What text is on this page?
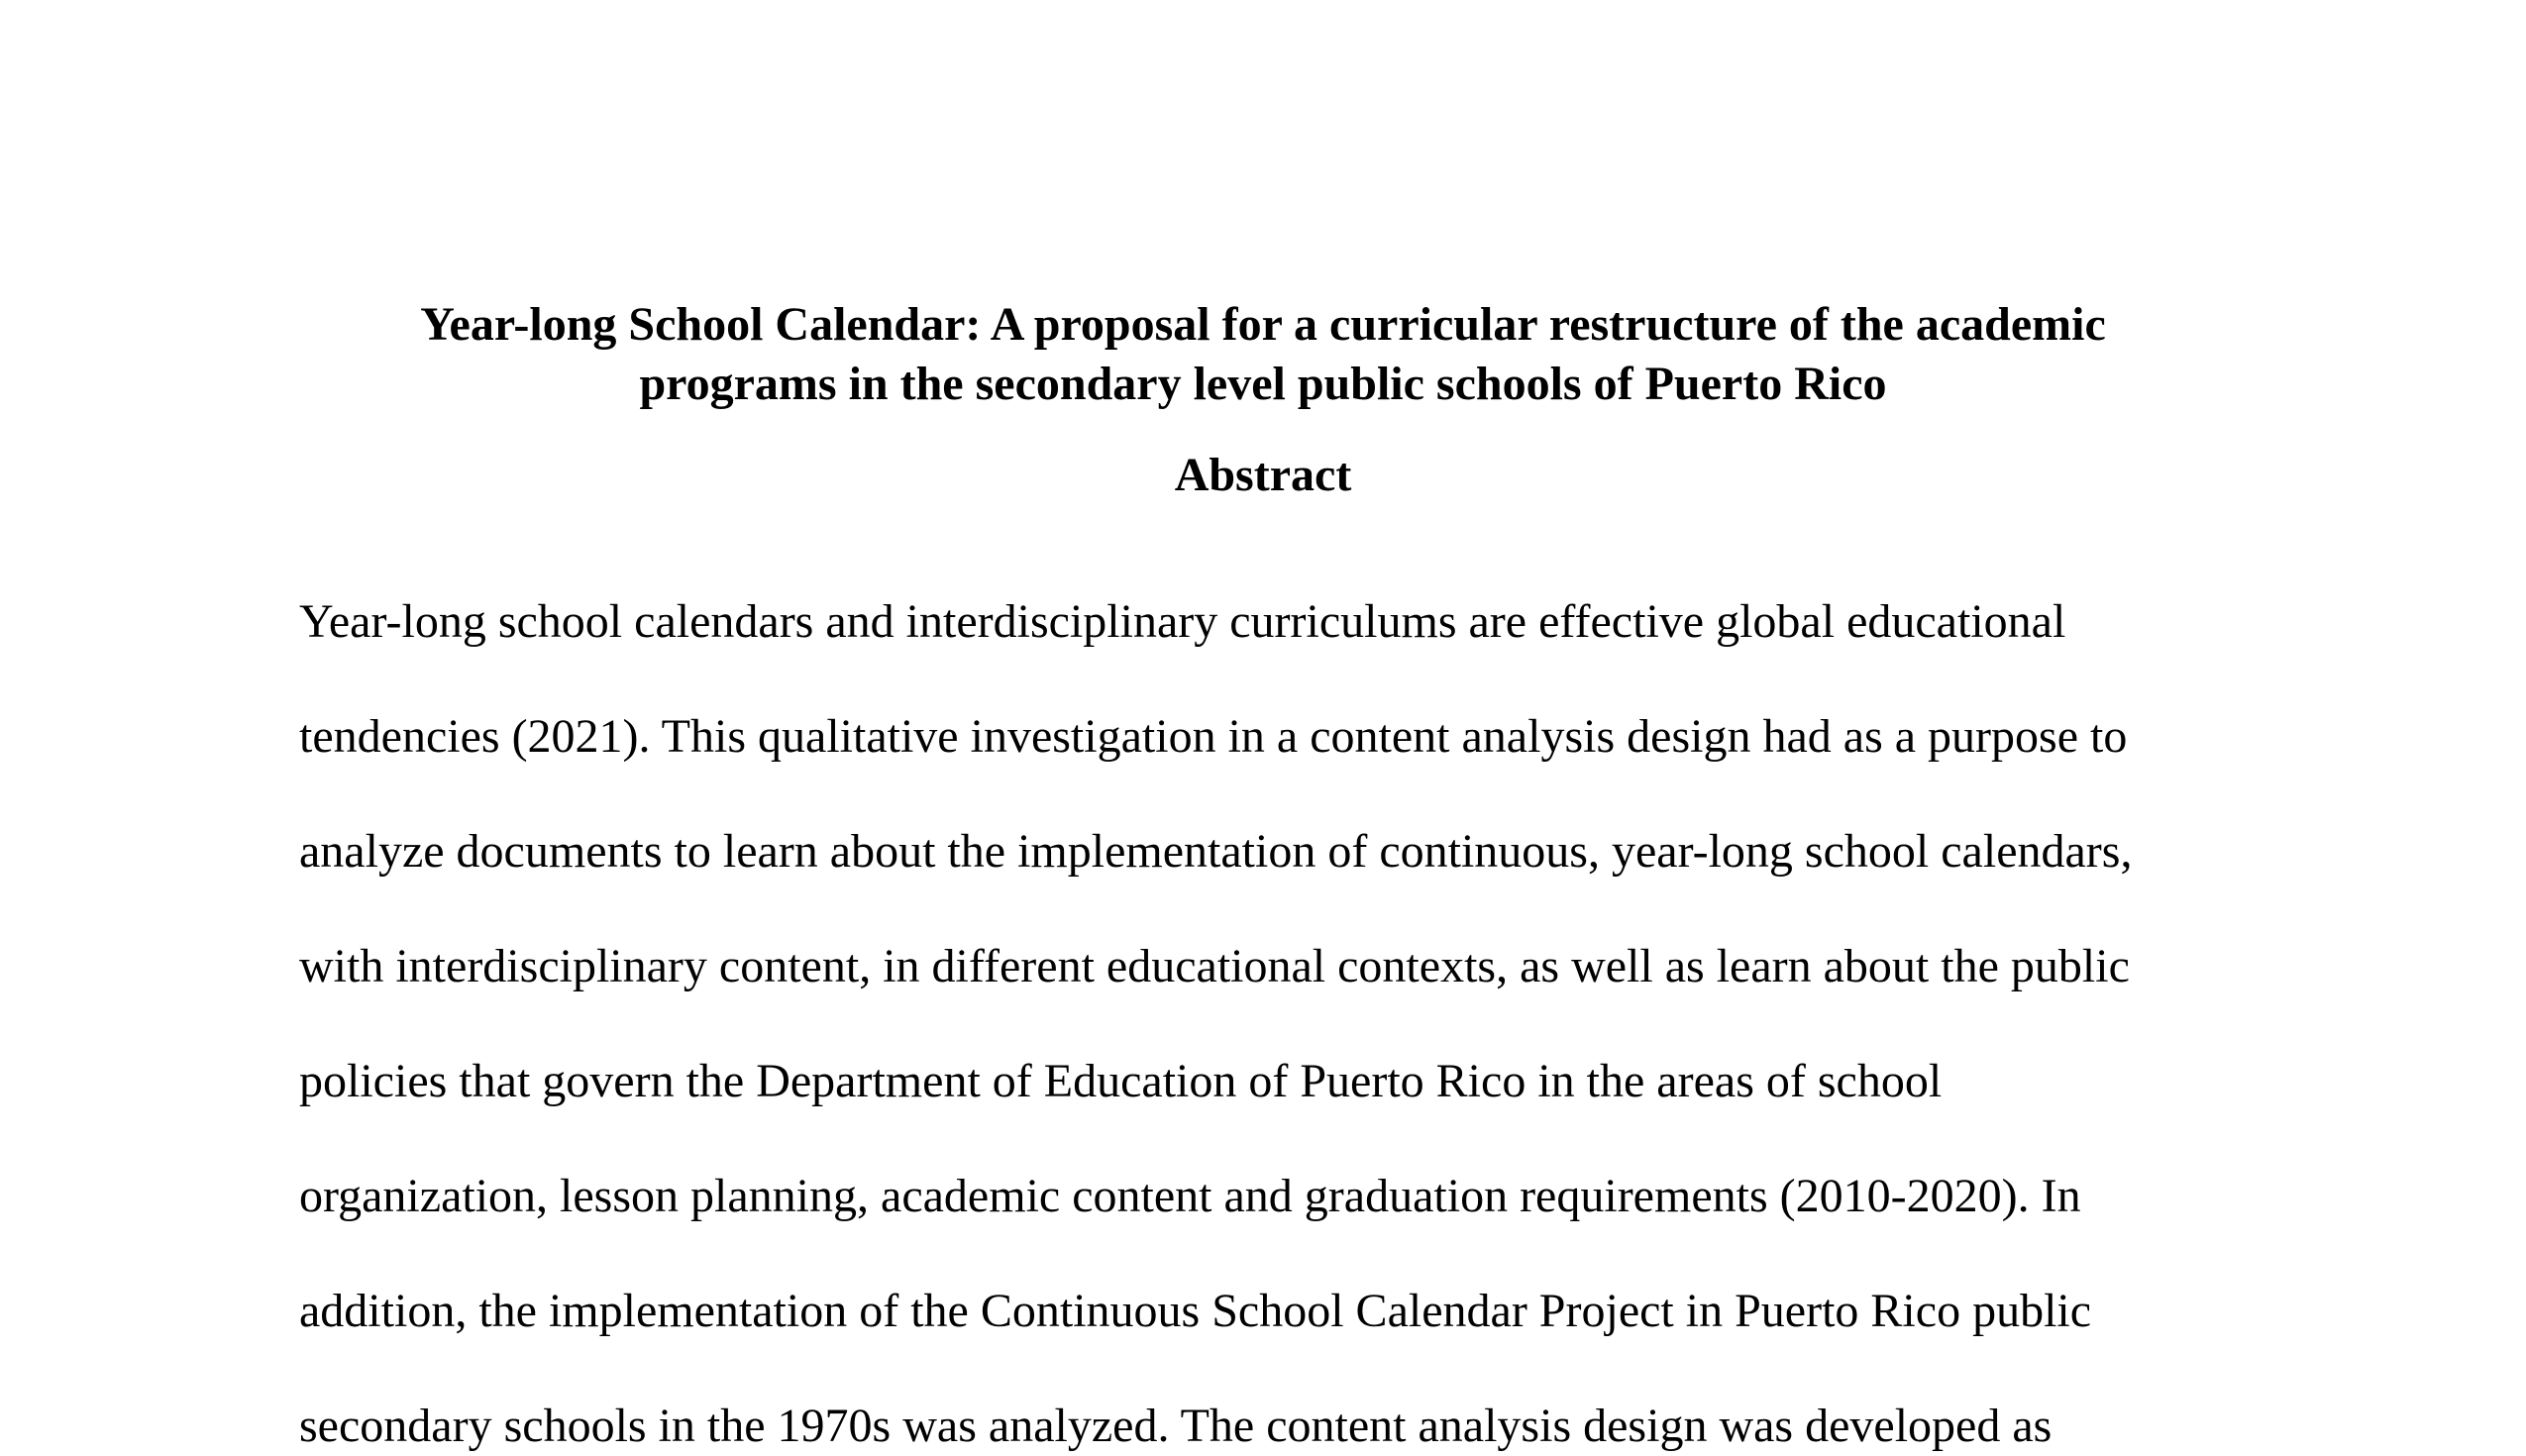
Year-long School Calendar: A proposal for a curricular restructure of the academic
programs in the secondary level public schools of Puerto Rico
Abstract
Year-long school calendars and interdisciplinary curriculums are effective global educational
tendencies (2021). This qualitative investigation in a content analysis design had as a purpose to
analyze documents to learn about the implementation of continuous, year-long school calendars,
with interdisciplinary content, in different educational contexts, as well as learn about the public
policies that govern the Department of Education of Puerto Rico in the areas of school
organization, lesson planning, academic content and graduation requirements (2010-2020). In
addition, the implementation of the Continuous School Calendar Project in Puerto Rico public
secondary schools in the 1970s was analyzed. The content analysis design was developed as
